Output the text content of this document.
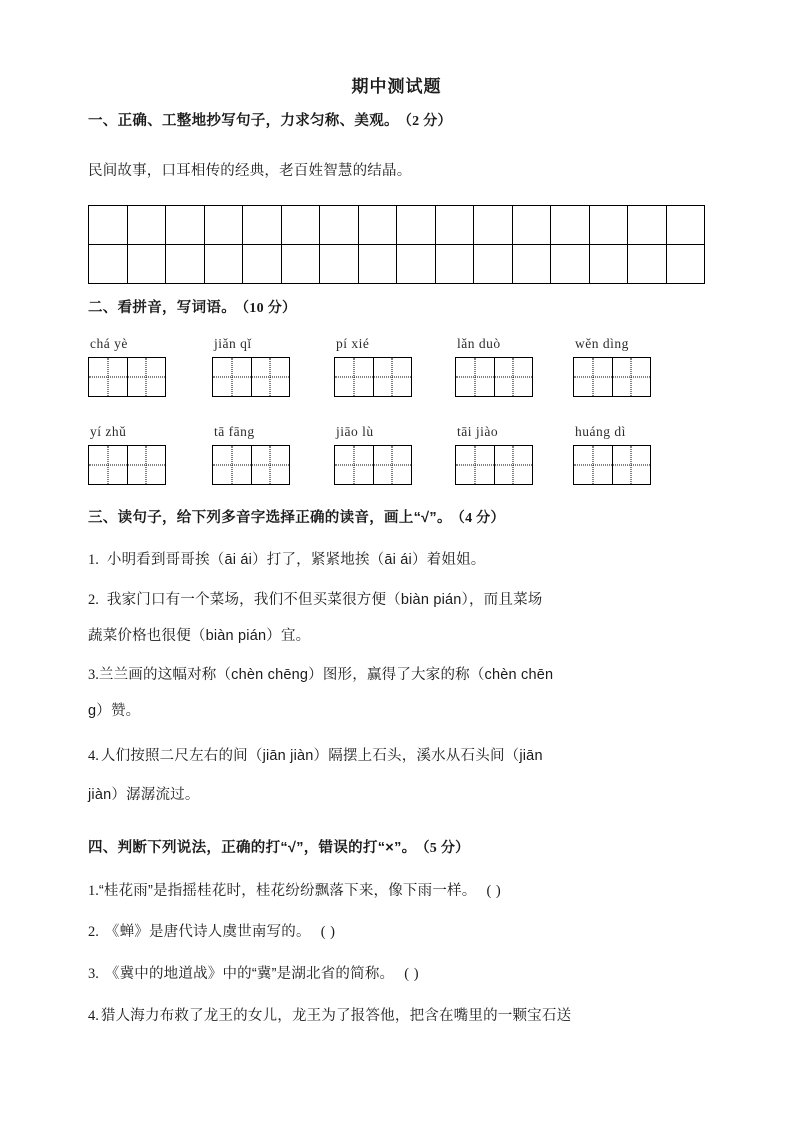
期中测试题
一、正确、工整地抄写句子，力求匀称、美观。 （2 分）
民间故事，口耳相传的经典，老百姓智慧的结晶。
二、看拼音，写词语。 （10 分）
chá yè	jiǎn qǐ	pí xié	lǎn duò	wěn dìng
yí zhǔ	tā fāng	jiāo lù	tāi jiào	huáng dì
三、读句子，给下列多音字选择正确的读音，画上“√”。 （4 分）
1. 小明看到哥哥挨（āi ái）打了，紧紧地挨（āi ái）着姐姐。
2. 我家门口有一个菜场，我们不但买菜很方便（biàn pián），而且菜场
蔬菜价格也很便（biàn pián）宜。
3.兰兰画的这幅对称（chèn chēng）图形，赢得了大家的称（chèn chēn
g）赞。
4. 人们按照二尺左右的间（jiān jiàn）隔摆上石头，溪水从石头间（jiān
jiàn）潺潺流过。
四、判断下列说法，正确的打“√”，错误的打“×”。 （5 分）
1.“桂花雨”是指摇桂花时，桂花纷纷飘落下来，像下雨一样。 ( )
2. 《蝉》是唐代诗人虞世南写的。 ( )
3. 《冀中的地道战》中的“冀”是湖北省的简称。 ( )
4. 猎人海力布救了龙王的女儿，龙王为了报答他，把含在嘴里的一颗宝石送
